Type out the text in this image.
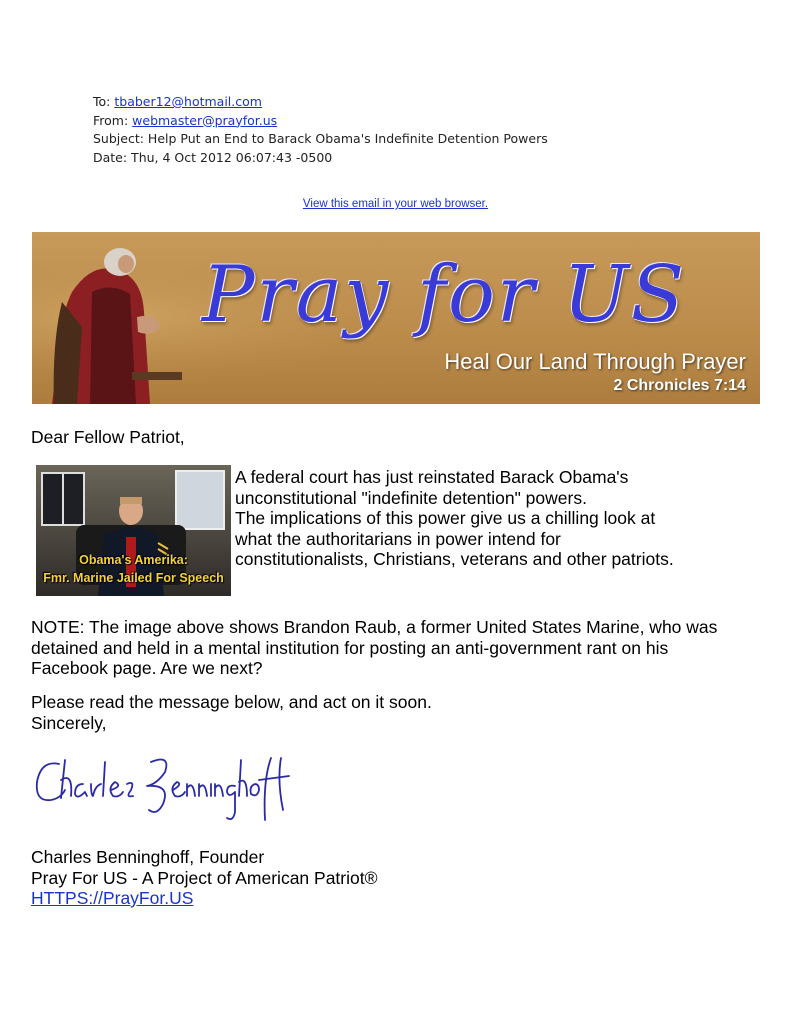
To: tbaber12@hotmail.com
From: webmaster@prayfor.us
Subject: Help Put an End to Barack Obama's Indefinite Detention Powers
Date: Thu, 4 Oct 2012 06:07:43 -0500
View this email in your web browser.
Pray for US
Heal Our Land Through Prayer
2 Chronicles 7:14
Dear Fellow Patriot,
Obama's Amerika:
Fmr. Marine Jailed For Speech
A federal court has just reinstated Barack Obama's
unconstitutional "indefinite detention" powers.
The implications of this power give us a chilling look at
what the authoritarians in power intend for
constitutionalists, Christians, veterans and other patriots.
NOTE: The image above shows Brandon Raub, a former United States Marine, who was
detained and held in a mental institution for posting an anti-government rant on his
Facebook page. Are we next?
Please read the message below, and act on it soon.
Sincerely,
Charles Benninghoff, Founder
Pray For US - A Project of American Patriot®
HTTPS://PrayFor.US
